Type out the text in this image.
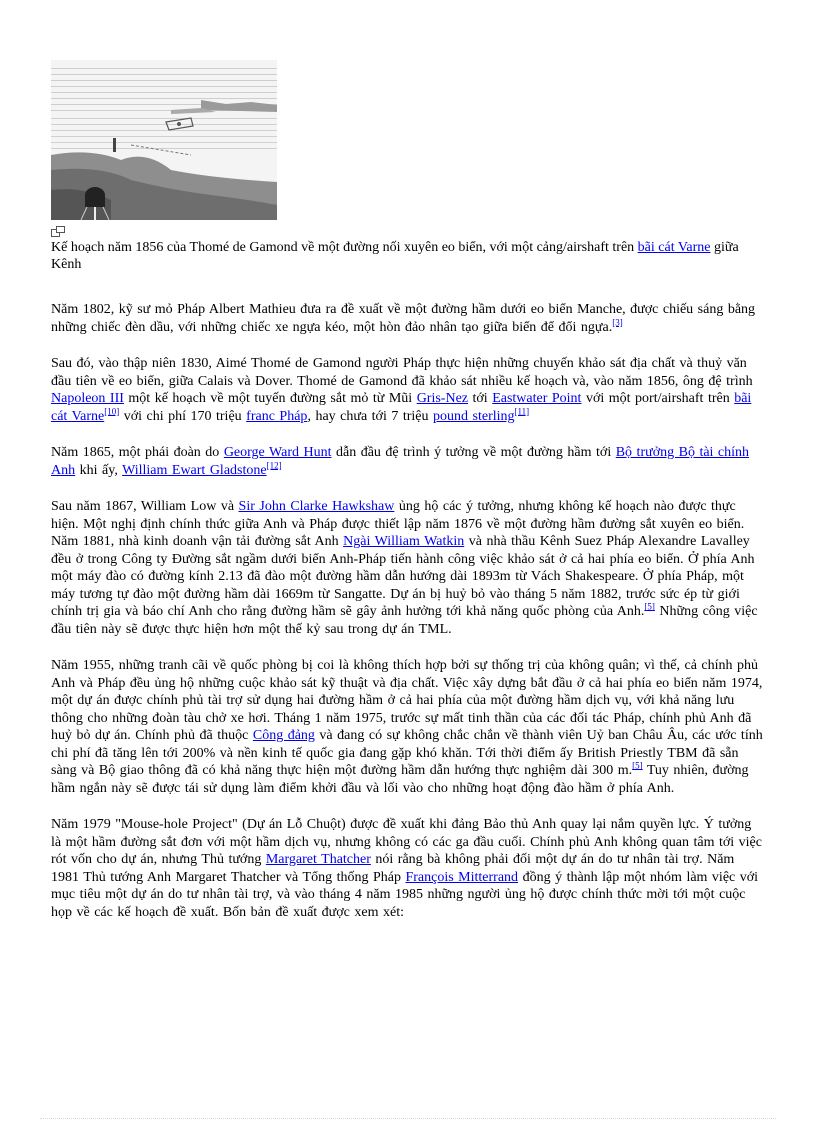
Kế hoạch năm 1856 của Thomé de Gamond về một đường nối xuyên eo biển, với một cảng/airshaft trên bãi cát Varne giữa Kênh

Năm 1802, kỹ sư mỏ Pháp Albert Mathieu đưa ra đề xuất về một đường hầm dưới eo biển Manche, được chiếu sáng bằng những chiếc đèn dầu, với những chiếc xe ngựa kéo, một hòn đảo nhân tạo giữa biển để đổi ngựa.[3]

Sau đó, vào thập niên 1830, Aimé Thomé de Gamond người Pháp thực hiện những chuyến khảo sát địa chất và thuỷ văn đầu tiên về eo biển, giữa Calais và Dover. Thomé de Gamond đã khảo sát nhiều kế hoạch và, vào năm 1856, ông đệ trình Napoleon III một kế hoạch về một tuyến đường sắt mỏ từ Mũi Gris-Nez tới Eastwater Point với một port/airshaft trên bãi cát Varne[10] với chi phí 170 triệu franc Pháp, hay chưa tới 7 triệu pound sterling[11]

Năm 1865, một phái đoàn do George Ward Hunt dẫn đầu đệ trình ý tưởng về một đường hầm tới Bộ trưởng Bộ tài chính Anh khi ấy, William Ewart Gladstone[12]

Sau năm 1867, William Low và Sir John Clarke Hawkshaw ủng hộ các ý tưởng, nhưng không kế hoạch nào được thực hiện. Một nghị định chính thức giữa Anh và Pháp được thiết lập năm 1876 về một đường hầm đường sắt xuyên eo biển. Năm 1881, nhà kinh doanh vận tải đường sắt Anh Ngài William Watkin và nhà thầu Kênh Suez Pháp Alexandre Lavalley đều ở trong Công ty Đường sắt ngầm dưới biển Anh-Pháp tiến hành công việc khảo sát ở cả hai phía eo biển. Ở phía Anh một máy đào có đường kính 2.13 đã đào một đường hầm dẫn hướng dài 1893m từ Vách Shakespeare. Ở phía Pháp, một máy tương tự đào một đường hầm dài 1669m từ Sangatte. Dự án bị huỷ bỏ vào tháng 5 năm 1882, trước sức ép từ giới chính trị gia và báo chí Anh cho rằng đường hầm sẽ gây ảnh hưởng tới khả năng quốc phòng của Anh.[5] Những công việc đầu tiên này sẽ được thực hiện hơn một thế kỷ sau trong dự án TML.

Năm 1955, những tranh cãi về quốc phòng bị coi là không thích hợp bởi sự thống trị của không quân; vì thế, cả chính phủ Anh và Pháp đều ủng hộ những cuộc khảo sát kỹ thuật và địa chất. Việc xây dựng bắt đầu ở cả hai phía eo biển năm 1974, một dự án được chính phủ tài trợ sử dụng hai đường hầm ở cả hai phía của một đường hầm dịch vụ, với khả năng lưu thông cho những đoàn tàu chở xe hơi. Tháng 1 năm 1975, trước sự mất tinh thần của các đối tác Pháp, chính phủ Anh đã huỷ bỏ dự án. Chính phủ đã thuộc Công đảng và đang có sự không chắc chắn về thành viên Uỷ ban Châu Âu, các ước tính chi phí đã tăng lên tới 200% và nền kinh tế quốc gia đang gặp khó khăn. Tới thời điểm ấy British Priestly TBM đã sẵn sàng và Bộ giao thông đã có khả năng thực hiện một đường hầm dẫn hướng thực nghiệm dài 300 m.[5] Tuy nhiên, đường hầm ngắn này sẽ được tái sử dụng làm điểm khởi đầu và lối vào cho những hoạt động đào hầm ở phía Anh.

Năm 1979 "Mouse-hole Project" (Dự án Lỗ Chuột) được đề xuất khi đảng Bảo thủ Anh quay lại nắm quyền lực. Ý tưởng là một hầm đường sắt đơn với một hầm dịch vụ, nhưng không có các ga đầu cuối. Chính phủ Anh không quan tâm tới việc rót vốn cho dự án, nhưng Thủ tướng Margaret Thatcher nói rằng bà không phải đối một dự án do tư nhân tài trợ. Năm 1981 Thủ tướng Anh Margaret Thatcher và Tổng thống Pháp François Mitterrand đồng ý thành lập một nhóm làm việc với mục tiêu một dự án do tư nhân tài trợ, và vào tháng 4 năm 1985 những người ủng hộ được chính thức mời tới một cuộc họp về các kế hoạch đề xuất. Bốn bản đề xuất được xem xét:
